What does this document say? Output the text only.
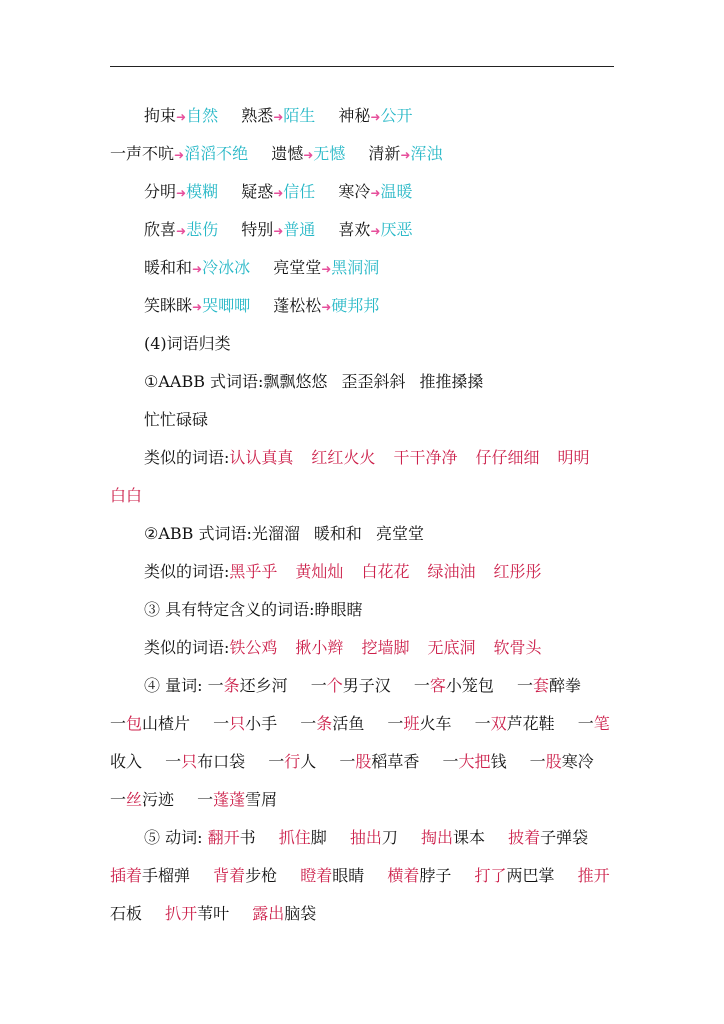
拘束➜自然 熟悉➜陌生 神秘➜公开
一声不吭➜滔滔不绝 遗憾➜无憾 清新➜浑浊
分明➜模糊 疑惑➜信任 寒冷➜温暖
欣喜➜悲伤 特别➜普通 喜欢➜厌恶
暖和和➜冷冰冰 亮堂堂➜黑洞洞
笑眯眯➜哭唧唧 蓬松松➜硬邦邦
(4)词语归类
①AABB 式词语:飘飘悠悠 歪歪斜斜 推推搡搡
忙忙碌碌
类似的词语:认认真真 红红火火 干干净净 仔仔细细 明明
白白
②ABB 式词语:光溜溜 暖和和 亮堂堂
类似的词语:黑乎乎 黄灿灿 白花花 绿油油 红彤彤
③ 具有特定含义的词语:睁眼瞎
类似的词语:铁公鸡 揪小辫 挖墙脚 无底洞 软骨头
④ 量词: 一条还乡河 一个男子汉 一客小笼包 一套醉拳
一包山楂片 一只小手 一条活鱼 一班火车 一双芦花鞋 一笔
收入 一只布口袋 一行人 一股稻草香 一大把钱 一股寒冷
一丝污迹 一蓬蓬雪屑
⑤ 动词: 翻开书 抓住脚 抽出刀 掏出课本 披着子弹袋
插着手榴弹 背着步枪 瞪着眼睛 横着脖子 打了两巴掌 推开
石板 扒开苇叶 露出脑袋
